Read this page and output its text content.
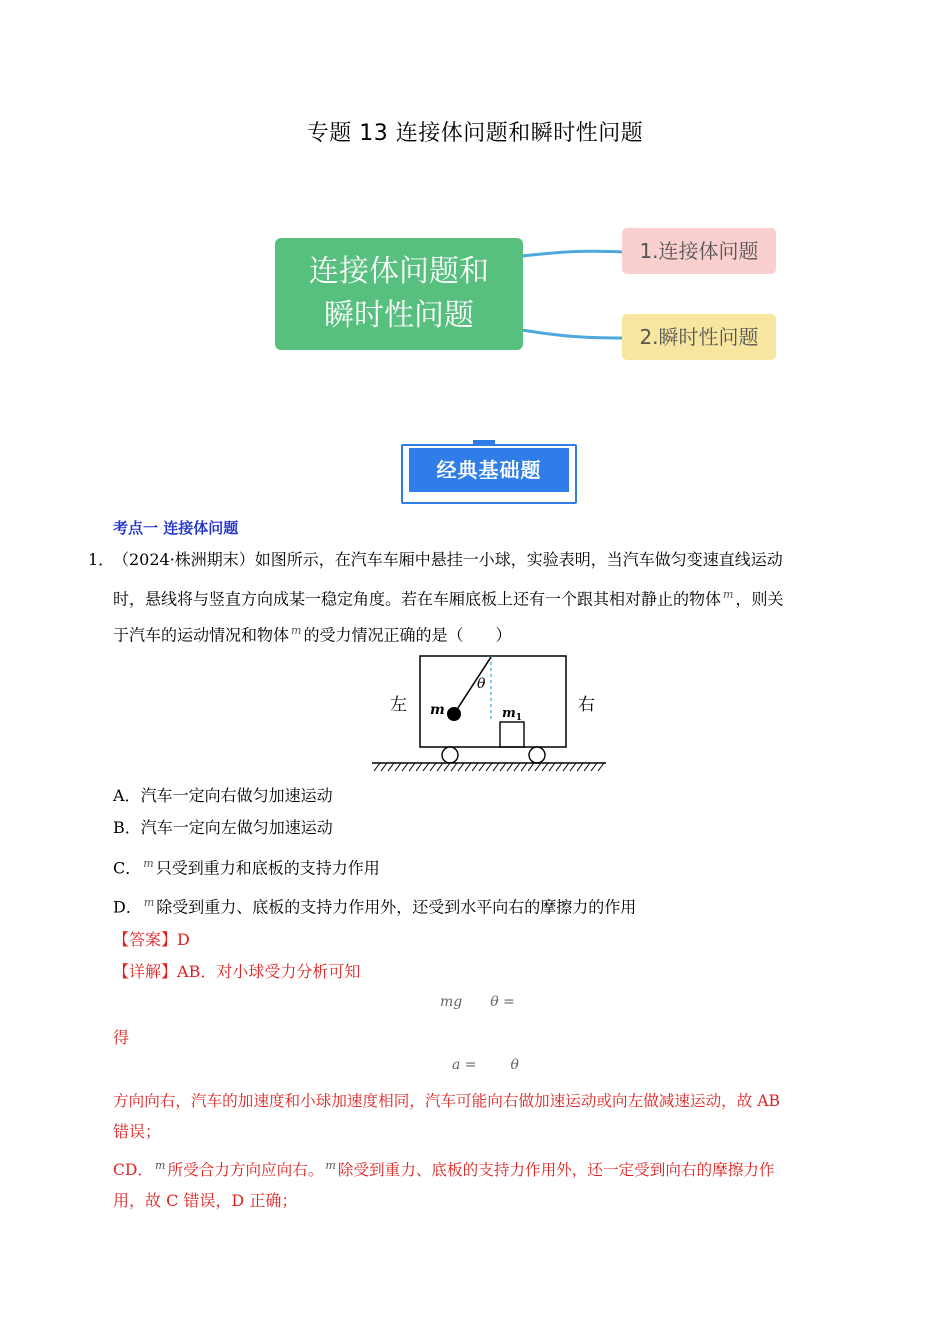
专题 13 连接体问题和瞬时性问题
连接体问题和
瞬时性问题
1.连接体问题
2.瞬时性问题
经典基础题
考点一 连接体问题
1．
（2024·株洲期末）如图所示，在汽车车厢中悬挂一小球，实验表明，当汽车做匀变速直线运动
时，悬线将与竖直方向成某一稳定角度。若在车厢底板上还有一个跟其相对静止的物体 $^m$ ，则关
于汽车的运动情况和物体 $^m$ 的受力情况正确的是（　　）
左	右
θ
m	$m_1$
A．汽车一定向右做匀加速运动
B．汽车一定向左做匀加速运动
C． $^m$ 只受到重力和底板的支持力作用
D． $^m$ 除受到重力、底板的支持力作用外，还受到水平向右的摩擦力的作用
【答案】D
【详解】AB．对小球受力分析可知
mg θ =
得
a = θ
方向向右，汽车的加速度和小球加速度相同，汽车可能向右做加速运动或向左做减速运动，故 AB
错误；
CD． $^m$ 所受合力方向应向右。 $^m$ 除受到重力、底板的支持力作用外，还一定受到向右的摩擦力作
用，故 C 错误，D 正确；
